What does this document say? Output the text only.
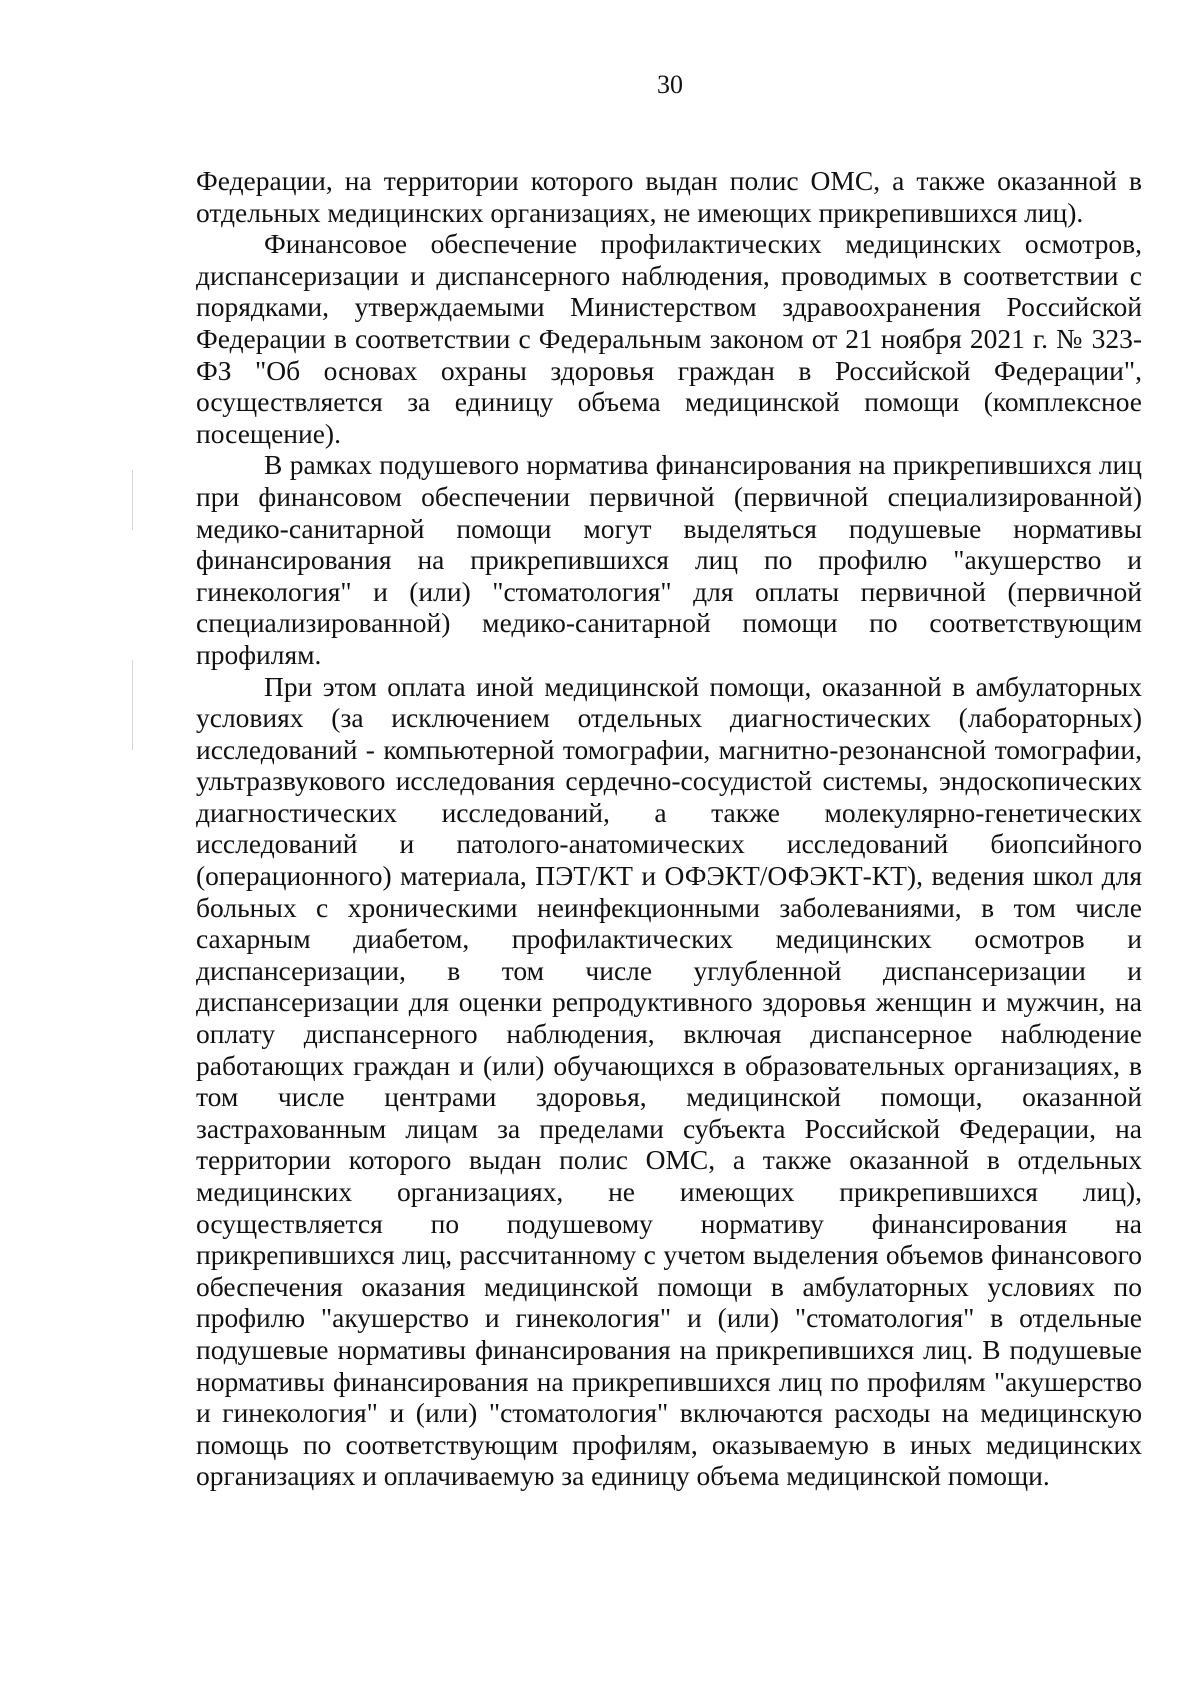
30

Федерации, на территории которого выдан полис ОМС, а также оказанной в отдельных медицинских организациях, не имеющих прикрепившихся лиц).

Финансовое обеспечение профилактических медицинских осмотров, диспансеризации и диспансерного наблюдения, проводимых в соответствии с порядками, утверждаемыми Министерством здравоохранения Российской Федерации в соответствии с Федеральным законом от 21 ноября 2021 г. № 323-ФЗ "Об основах охраны здоровья граждан в Российской Федерации", осуществляется за единицу объема медицинской помощи (комплексное посещение).

В рамках подушевого норматива финансирования на прикрепившихся лиц при финансовом обеспечении первичной (первичной специализированной) медико-санитарной помощи могут выделяться подушевые нормативы финансирования на прикрепившихся лиц по профилю "акушерство и гинекология" и (или) "стоматология" для оплаты первичной (первичной специализированной) медико-санитарной помощи по соответствующим профилям.

При этом оплата иной медицинской помощи, оказанной в амбулаторных условиях (за исключением отдельных диагностических (лабораторных) исследований - компьютерной томографии, магнитно-резонансной томографии, ультразвукового исследования сердечно-сосудистой системы, эндоскопических диагностических исследований, а также молекулярно-генетических исследований и патолого-анатомических исследований биопсийного (операционного) материала, ПЭТ/КТ и ОФЭКТ/ОФЭКТ-КТ), ведения школ для больных с хроническими неинфекционными заболеваниями, в том числе сахарным диабетом, профилактических медицинских осмотров и диспансеризации, в том числе углубленной диспансеризации и диспансеризации для оценки репродуктивного здоровья женщин и мужчин, на оплату диспансерного наблюдения, включая диспансерное наблюдение работающих граждан и (или) обучающихся в образовательных организациях, в том числе центрами здоровья, медицинской помощи, оказанной застрахованным лицам за пределами субъекта Российской Федерации, на территории которого выдан полис ОМС, а также оказанной в отдельных медицинских организациях, не имеющих прикрепившихся лиц), осуществляется по подушевому нормативу финансирования на прикрепившихся лиц, рассчитанному с учетом выделения объемов финансового обеспечения оказания медицинской помощи в амбулаторных условиях по профилю "акушерство и гинекология" и (или) "стоматология" в отдельные подушевые нормативы финансирования на прикрепившихся лиц. В подушевые нормативы финансирования на прикрепившихся лиц по профилям "акушерство и гинекология" и (или) "стоматология" включаются расходы на медицинскую помощь по соответствующим профилям, оказываемую в иных медицинских организациях и оплачиваемую за единицу объема медицинской помощи.
